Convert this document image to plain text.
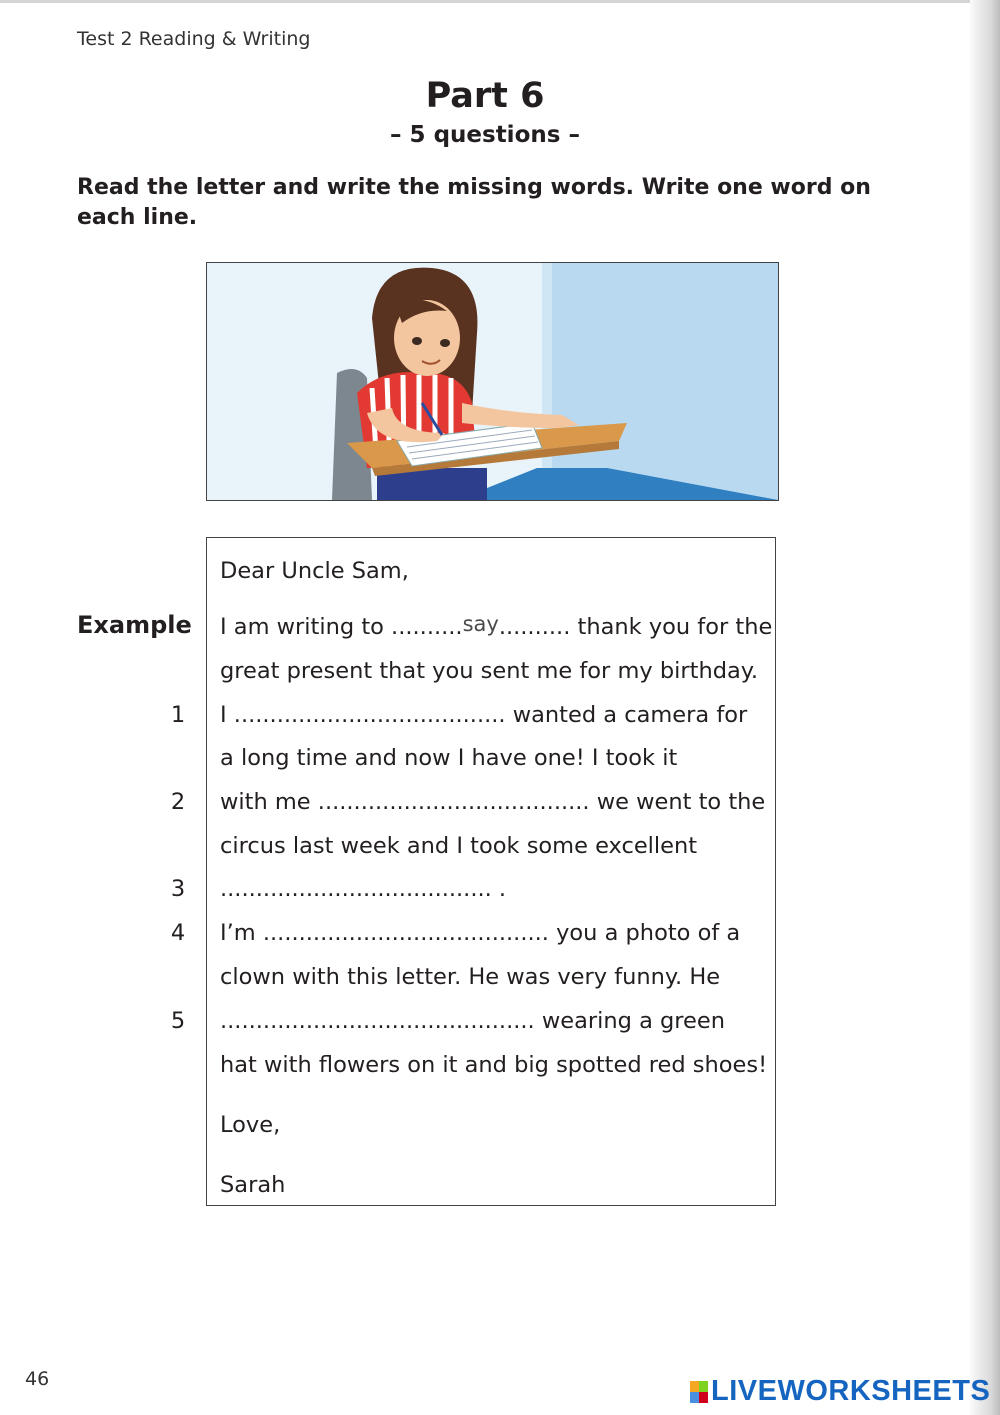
Test 2 Reading & Writing
Part 6
– 5 questions –
Read the letter and write the missing words. Write one word on each line.
Dear Uncle Sam,
Example I am writing to ..........say.......... thank you for the
great present that you sent me for my birthday.
1	I ...................................... wanted a camera for
a long time and now I have one! I took it
2	with me ...................................... we went to the
circus last week and I took some excellent
3	...................................... .
4	I’m ........................................ you a photo of a
clown with this letter. He was very funny. He
5	............................................ wearing a green
hat with flowers on it and big spotted red shoes!
Love,
Sarah
46	LIVEWORKSHEETS
